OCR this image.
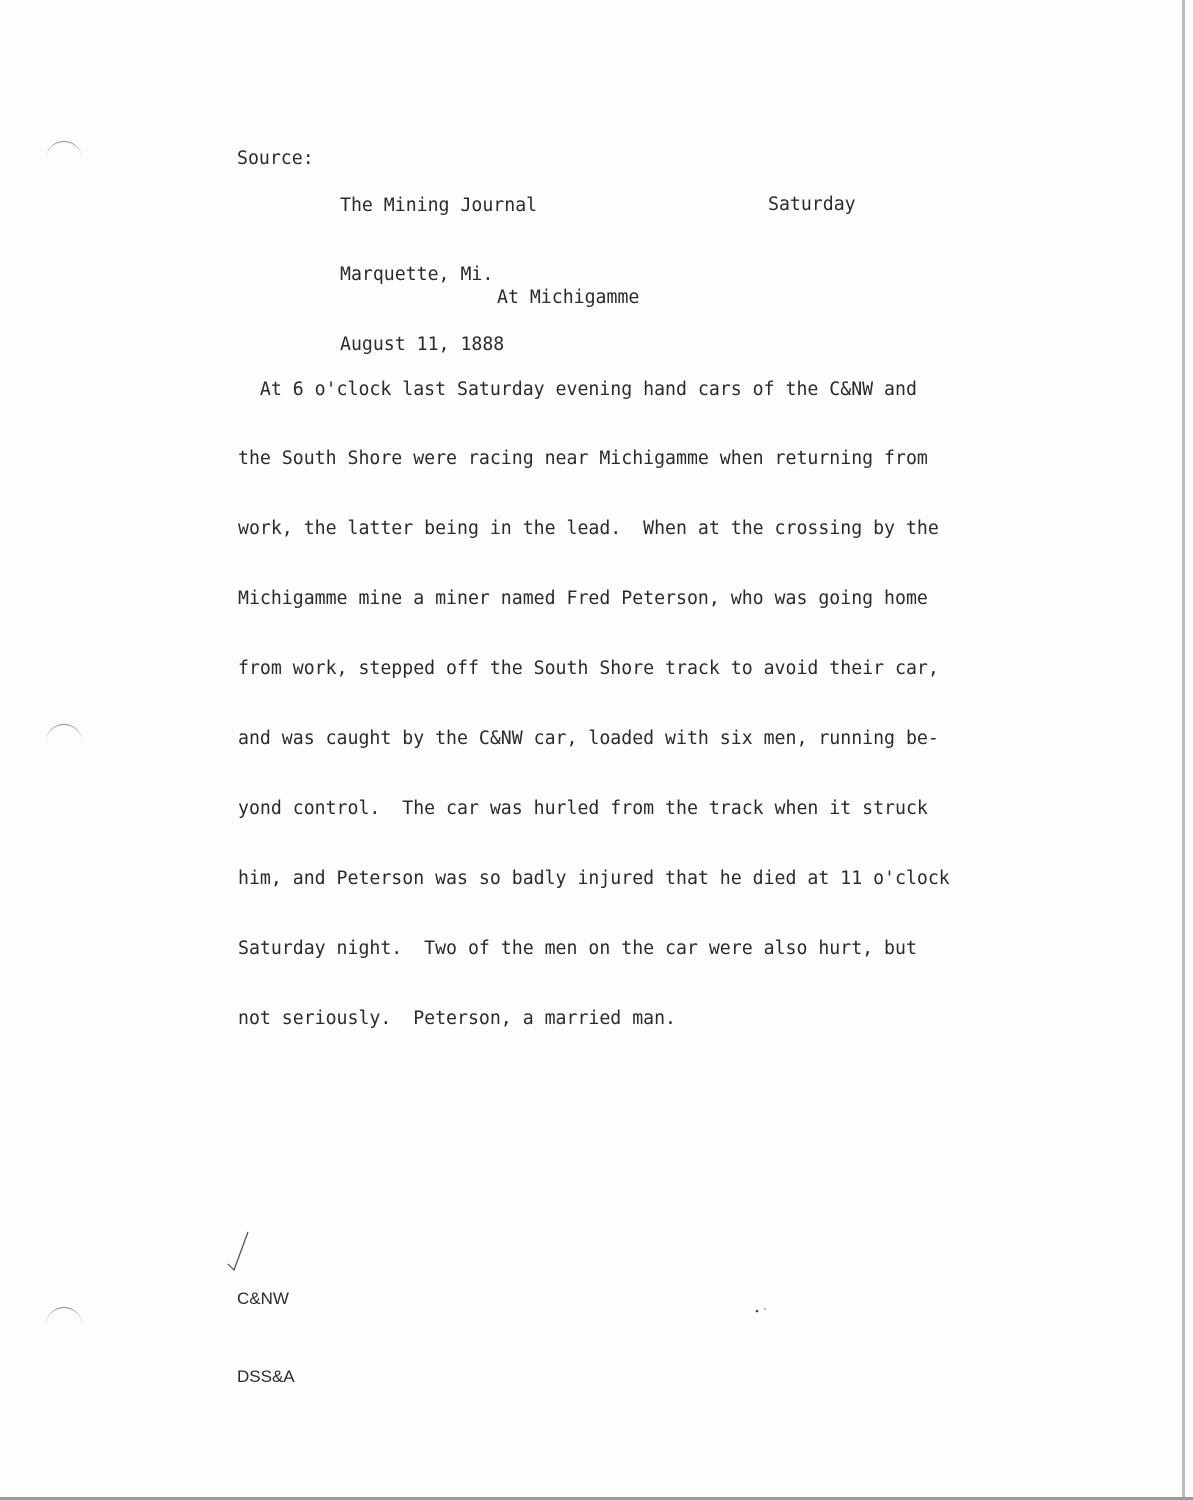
Source:

The Mining Journal

Marquette, Mi.

August 11, 1888

Saturday
At Michigamme

At 6 o'clock last Saturday evening hand cars of the C&NW and

the South Shore were racing near Michigamme when returning from

work, the latter being in the lead.  When at the crossing by the

Michigamme mine a miner named Fred Peterson, who was going home

from work, stepped off the South Shore track to avoid their car,

and was caught by the C&NW car, loaded with six men, running be-

yond control.  The car was hurled from the track when it struck

him, and Peterson was so badly injured that he died at 11 o'clock

Saturday night.  Two of the men on the car were also hurt, but

not seriously.  Peterson, a married man.

C&NW

DSS&A
